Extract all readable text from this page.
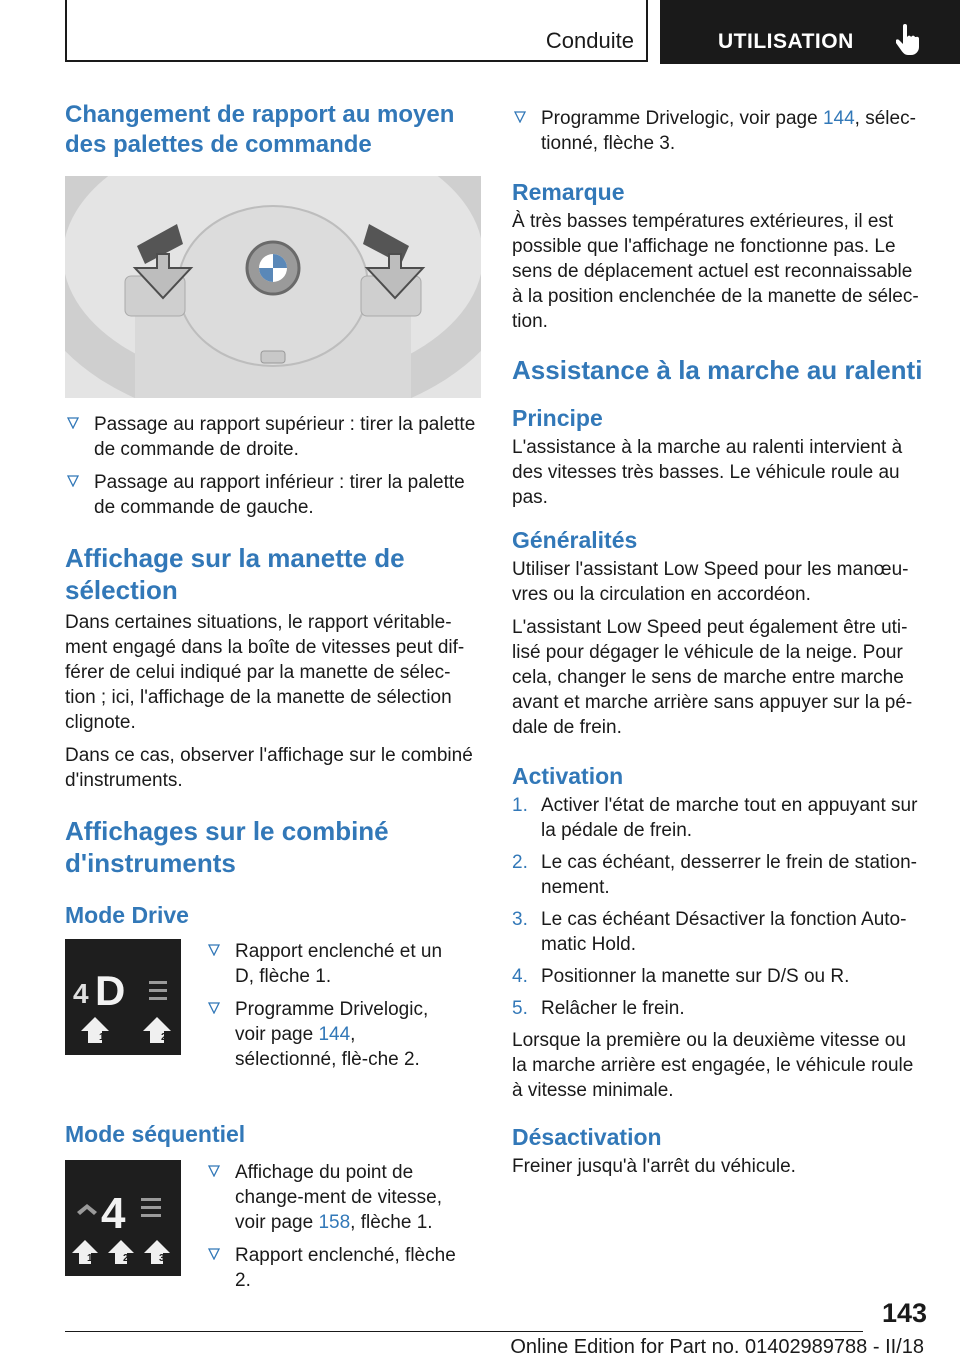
Conduite	UTILISATION
Changement de rapport au moyen des palettes de commande
Passage au rapport supérieur : tirer la palette de commande de droite.
Passage au rapport inférieur : tirer la palette de commande de gauche.
Affichage sur la manette de sélection

Dans certaines situations, le rapport véritable-ment engagé dans la boîte de vitesses peut dif-férer de celui indiqué par la manette de sélec-tion ; ici, l'affichage de la manette de sélection clignote.

Dans ce cas, observer l'affichage sur le combiné d'instruments.

Affichages sur le combiné d'instruments
Mode Drive
4 D
1	2
Rapport enclenché et un D, flèche 1.
Programme Drivelogic, voir page 144, sélectionné, flè-che 2.
Mode séquentiel
4
1	2	3
Affichage du point de change-ment de vitesse, voir page 158, flèche 1.
Rapport enclenché, flèche 2.
Programme Drivelogic, voir page 144, sélec-tionné, flèche 3.
Remarque

À très basses températures extérieures, il est possible que l'affichage ne fonctionne pas. Le sens de déplacement actuel est reconnaissable à la position enclenchée de la manette de sélec-tion.

Assistance à la marche au ralenti
Principe

L'assistance à la marche au ralenti intervient à des vitesses très basses. Le véhicule roule au pas.

Généralités

Utiliser l'assistant Low Speed pour les manœu-vres ou la circulation en accordéon.

L'assistant Low Speed peut également être uti-lisé pour dégager le véhicule de la neige. Pour cela, changer le sens de marche entre marche avant et marche arrière sans appuyer sur la pé-dale de frein.

Activation
1. Activer l'état de marche tout en appuyant sur la pédale de frein.
2. Le cas échéant, desserrer le frein de station-nement.
3. Le cas échéant Désactiver la fonction Auto-matic Hold.
4. Positionner la manette sur D/S ou R.
5. Relâcher le frein.

Lorsque la première ou la deuxième vitesse ou la marche arrière est engagée, le véhicule roule à vitesse minimale.

Désactivation

Freiner jusqu'à l'arrêt du véhicule.

143
Online Edition for Part no. 01402989788 - II/18
